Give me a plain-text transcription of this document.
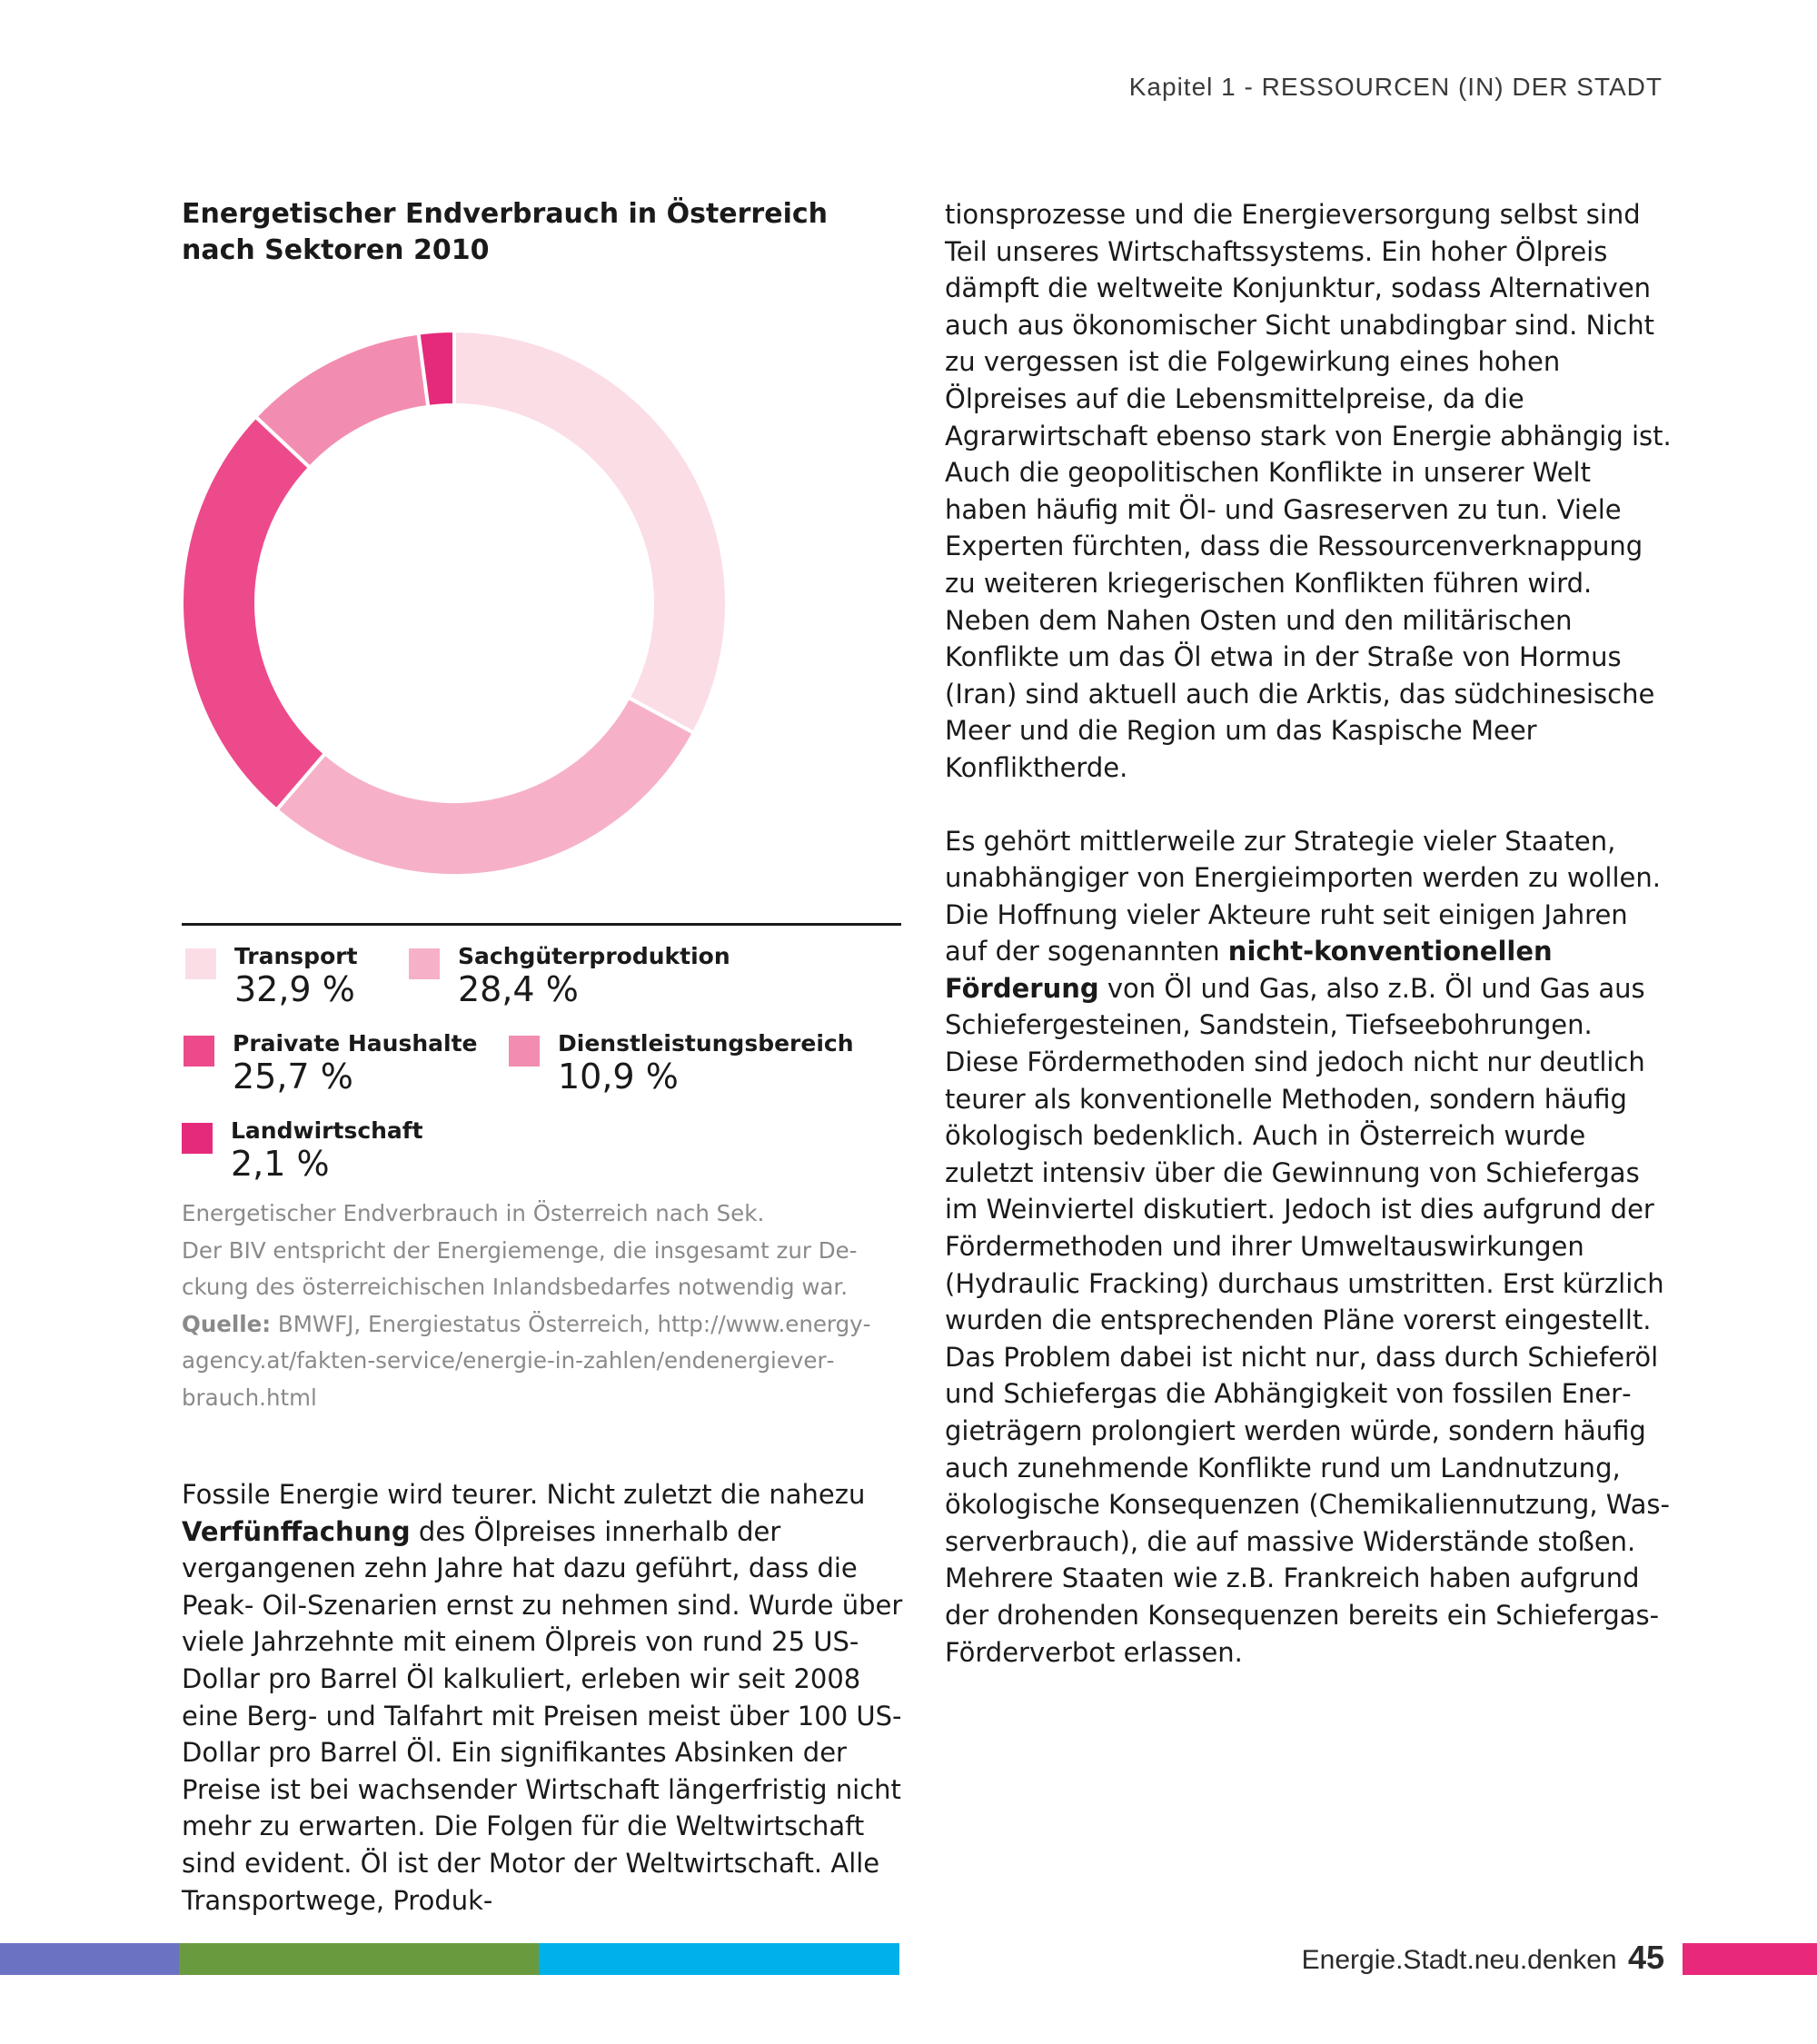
Kapitel 1 - RESSOURCEN (IN) DER STADT
Energetischer Endverbrauch in Österreich nach Sektoren 2010
Transport
32,9 %
Sachgüterproduktion
28,4 %
Praivate Haushalte
25,7 %
Dienstleistungsbereich
10,9 %
Landwirtschaft
2,1 %

Energetischer Endverbrauch in Österreich nach Sek.

Der BIV entspricht der Energiemenge, die insgesamt zur Deckung des österreichischen Inlandsbedarfes notwendig war.

Quelle: BMWFJ, Energiestatus Österreich, http://www.energyagency.at/fakten-service/energie-in-zahlen/endenergieverbrauch.html

Fossile Energie wird teurer. Nicht zuletzt die nahezu Verfünffachung des Ölpreises innerhalb der vergangenen zehn Jahre hat dazu geführt, dass die Peak- Oil-Szenarien ernst zu nehmen sind. Wurde über viele Jahrzehnte mit einem Ölpreis von rund 25 US-Dollar pro Barrel Öl kalkuliert, erleben wir seit 2008 eine Berg- und Talfahrt mit Preisen meist über 100 US-Dollar pro Barrel Öl. Ein signifikantes Absinken der Preise ist bei wachsender Wirtschaft längerfristig nicht mehr zu erwarten. Die Folgen für die Weltwirtschaft sind evident. Öl ist der Motor der Weltwirtschaft. Alle Transportwege, Produk-

tionsprozesse und die Energieversorgung selbst sind Teil unseres Wirtschaftssystems. Ein hoher Ölpreis dämpft die weltweite Konjunktur, sodass Alternativen auch aus ökonomischer Sicht unabdingbar sind. Nicht zu vergessen ist die Folgewirkung eines hohen Ölpreises auf die Lebensmittelpreise, da die Agrarwirtschaft ebenso stark von Energie abhängig ist. Auch die geopolitischen Konflikte in unserer Welt haben häufig mit Öl- und Gasreserven zu tun. Viele Experten fürchten, dass die Ressourcenverknappung zu weiteren kriegerischen Konflikten führen wird. Neben dem Nahen Osten und den militärischen Konflikte um das Öl etwa in der Straße von Hormus (Iran) sind aktuell auch die Arktis, das südchinesische Meer und die Region um das Kaspische Meer Konfliktherde.

Es gehört mittlerweile zur Strategie vieler Staaten, unabhängiger von Energieimporten werden zu wollen. Die Hoffnung vieler Akteure ruht seit einigen Jahren auf der sogenannten nicht-konventionellen Förderung von Öl und Gas, also z.B. Öl und Gas aus Schiefergesteinen, Sandstein, Tiefseebohrungen. Diese Fördermethoden sind jedoch nicht nur deutlich teurer als konventionelle Methoden, sondern häufig ökologisch bedenklich. Auch in Österreich wurde zuletzt intensiv über die Gewinnung von Schiefergas im Weinviertel diskutiert. Jedoch ist dies aufgrund der Fördermethoden und ihrer Umweltauswirkungen (Hydraulic Fracking) durchaus umstritten. Erst kürzlich wurden die entsprechenden Pläne vorerst eingestellt. Das Problem dabei ist nicht nur, dass durch Schieferöl und Schiefergas die Abhängigkeit von fossilen Energieträgern prolongiert werden würde, sondern häufig auch zunehmende Konflikte rund um Landnutzung, ökologische Konsequenzen (Chemikaliennutzung, Wasserverbrauch), die auf massive Widerstände stoßen. Mehrere Staaten wie z.B. Frankreich haben aufgrund der drohenden Konsequenzen bereits ein Schiefergas-Förderverbot erlassen.

Energie.Stadt.neu.denken 45
